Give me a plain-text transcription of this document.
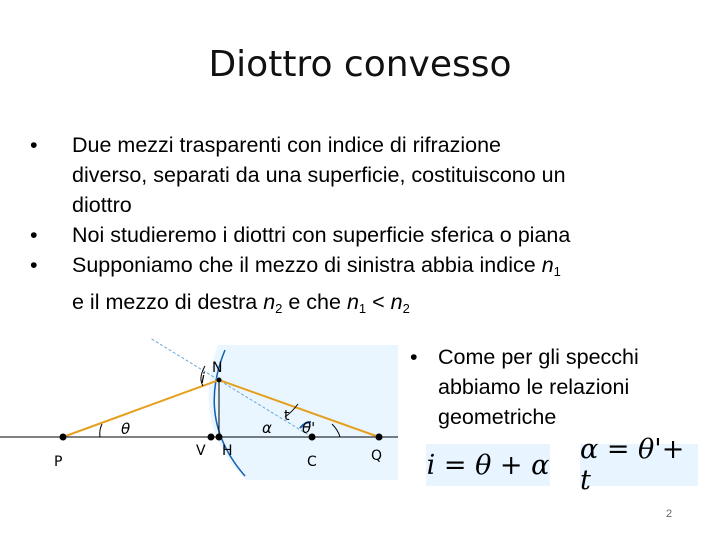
Diottro convesso
• Due mezzi trasparenti con indice di rifrazione
diverso, separati da una superficie, costituiscono un
diottro
• Noi studieremo i diottri con superficie sferica o piana
• Supponiamo che il mezzo di sinistra abbia indice $n_1$
e il mezzo di destra $n_2$ e che $n_1 < n_2$
• Come per gli specchi
abbiamo le relazioni
geometriche
i
N
θ	α
t
θ'
P
V H
C	Q i = θ + α α = θ'+ t
2
